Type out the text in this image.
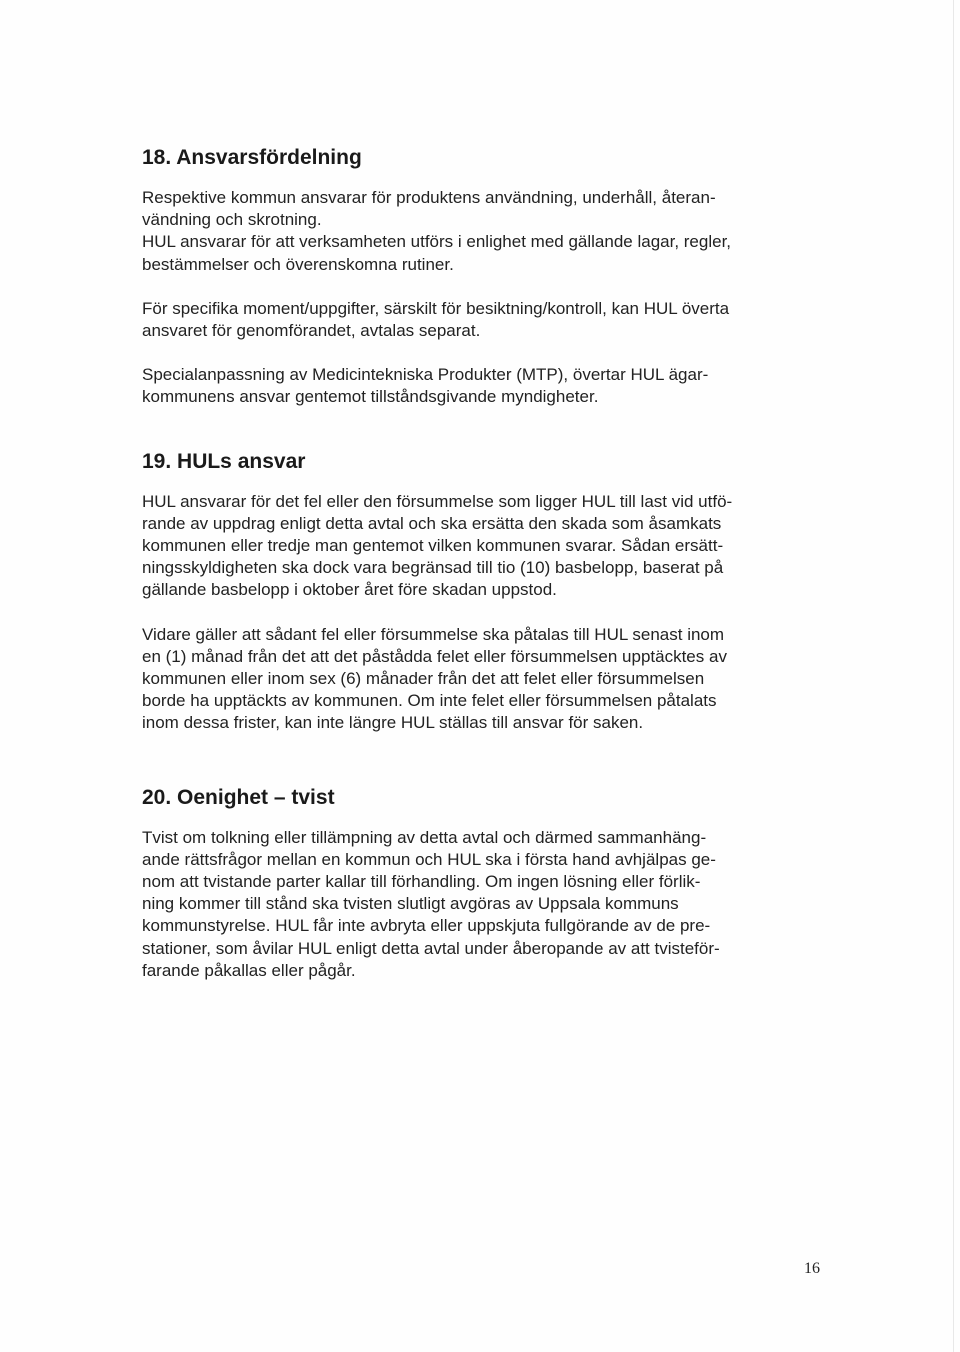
18. Ansvarsfördelning

Respektive kommun ansvarar för produktens användning, underhåll, återan-
vändning och skrotning.
HUL ansvarar för att verksamheten utförs i enlighet med gällande lagar, regler,
bestämmelser och överenskomna rutiner.

För specifika moment/uppgifter, särskilt för besiktning/kontroll, kan HUL överta
ansvaret för genomförandet, avtalas separat.

Specialanpassning av Medicintekniska Produkter (MTP), övertar HUL ägar-
kommunens ansvar gentemot tillståndsgivande myndigheter.

19. HULs ansvar

HUL ansvarar för det fel eller den försummelse som ligger HUL till last vid utfö-
rande av uppdrag enligt detta avtal och ska ersätta den skada som åsamkats
kommunen eller tredje man gentemot vilken kommunen svarar. Sådan ersätt-
ningsskyldigheten ska dock vara begränsad till tio (10) basbelopp, baserat på
gällande basbelopp i oktober året före skadan uppstod.

Vidare gäller att sådant fel eller försummelse ska påtalas till HUL senast inom
en (1) månad från det att det påstådda felet eller försummelsen upptäcktes av
kommunen eller inom sex (6) månader från det att felet eller försummelsen
borde ha upptäckts av kommunen. Om inte felet eller försummelsen påtalats
inom dessa frister, kan inte längre HUL ställas till ansvar för saken.

20. Oenighet – tvist

Tvist om tolkning eller tillämpning av detta avtal och därmed sammanhäng-
ande rättsfrågor mellan en kommun och HUL ska i första hand avhjälpas ge-
nom att tvistande parter kallar till förhandling. Om ingen lösning eller förlik-
ning kommer till stånd ska tvisten slutligt avgöras av Uppsala kommuns
kommunstyrelse. HUL får inte avbryta eller uppskjuta fullgörande av de pre-
stationer, som åvilar HUL enligt detta avtal under åberopande av att tvisteför-
farande påkallas eller pågår.

16
